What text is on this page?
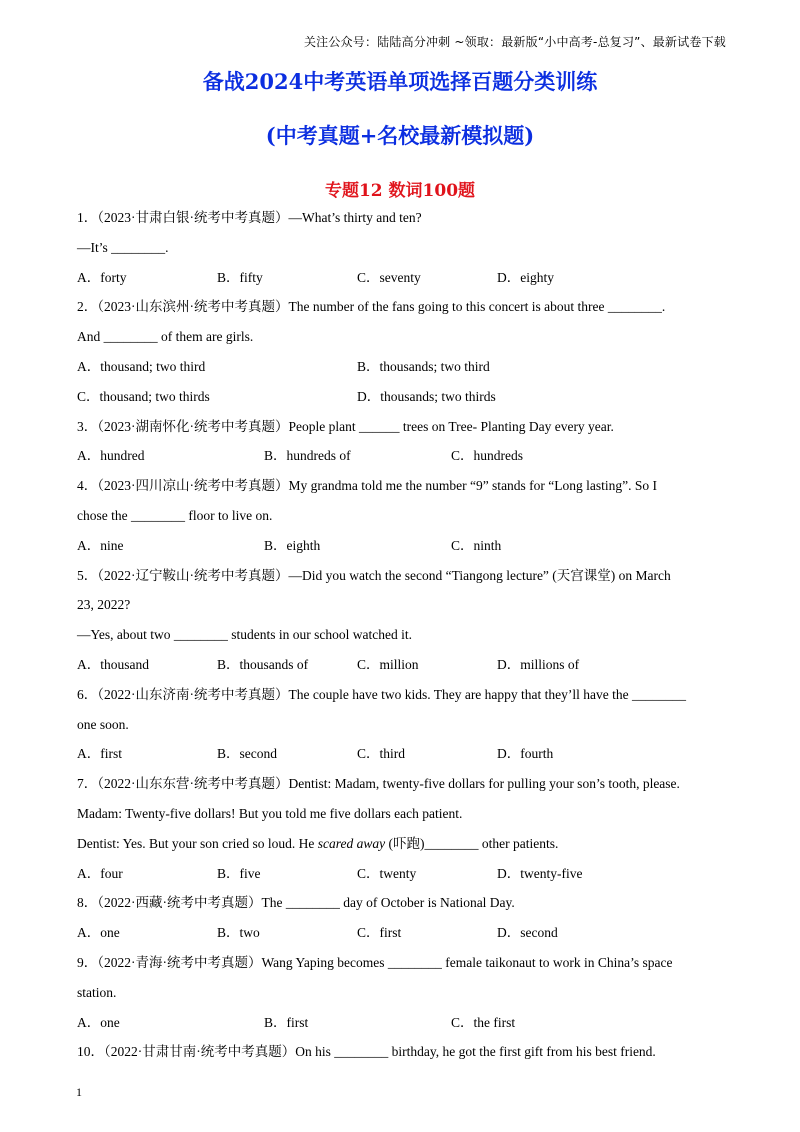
关注公众号：陆陆高分冲刺 ~领取：最新版“小中高考-总复习”、最新试卷下载
备战2024中考英语单项选择百题分类训练
(中考真题+名校最新模拟题)
专题12 数词100题
1．（2023·甘肃白银·统考中考真题）—What’s thirty and ten?
—It’s ________.
A．forty	B．fifty	C．seventy	D．eighty
2．（2023·山东滨州·统考中考真题）The number of the fans going to this concert is about three ________.
And ________ of them are girls.
A．thousand; two third	B．thousands; two third
C．thousand; two thirds	D．thousands; two thirds
3．（2023·湖南怀化·统考中考真题）People plant ______ trees on Tree- Planting Day every year.
A．hundred	B．hundreds of	C．hundreds
4．（2023·四川凉山·统考中考真题）My grandma told me the number “9” stands for “Long lasting”. So I
chose the ________ floor to live on.
A．nine	B．eighth	C．ninth
5．（2022·辽宁鞍山·统考中考真题）—Did you watch the second “Tiangong lecture” (天宫课堂) on March
23, 2022?
—Yes, about two ________ students in our school watched it.
A．thousand	B．thousands of	C．million	D．millions of
6．（2022·山东济南·统考中考真题）The couple have two kids. They are happy that they’ll have the ________
one soon.
A．first	B．second	C．third	D．fourth
7．（2022·山东东营·统考中考真题）Dentist: Madam, twenty-five dollars for pulling your son’s tooth, please.
Madam: Twenty-five dollars! But you told me five dollars each patient.
Dentist: Yes. But your son cried so loud. He scared away (吓跑)________ other patients.
A．four	B．five	C．twenty	D．twenty-five
8．（2022·西藏·统考中考真题）The ________ day of October is National Day.
A．one	B．two	C．first	D．second
9．（2022·青海·统考中考真题）Wang Yaping becomes ________ female taikonaut to work in China’s space
station.
A．one	B．first	C．the first
10．（2022·甘肃甘南·统考中考真题）On his ________ birthday, he got the first gift from his best friend.
1
